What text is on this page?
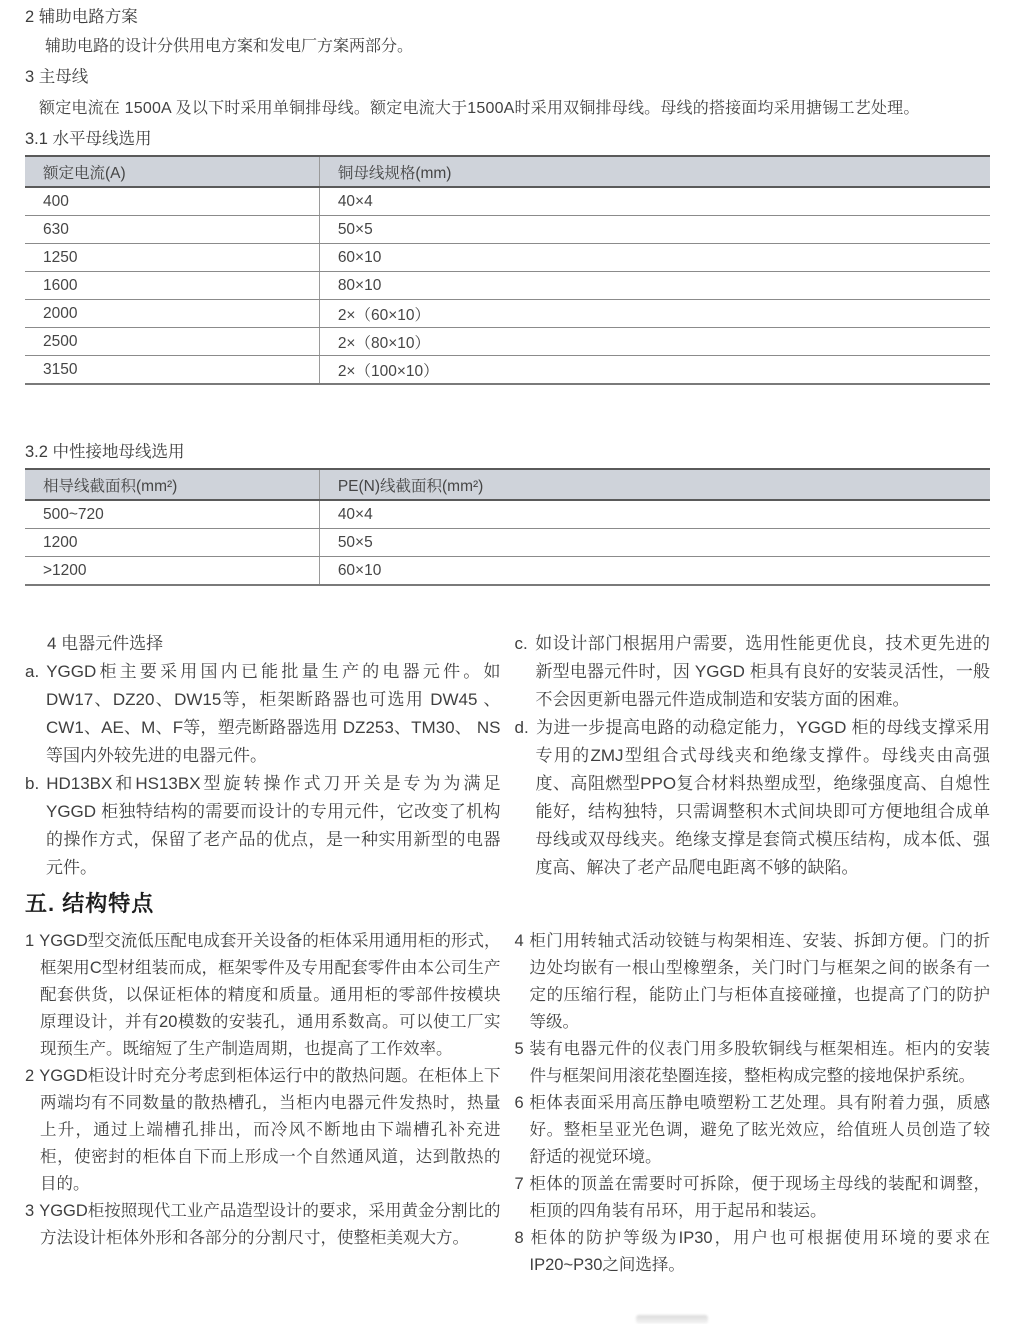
2 辅助电路方案
辅助电路的设计分供用电方案和发电厂方案两部分。
3 主母线
额定电流在 1500A 及以下时采用单铜排母线。额定电流大于1500A时采用双铜排母线。母线的搭接面均采用搪锡工艺处理。
3.1 水平母线选用
额定电流(A)	铜母线规格(mm)
400	40×4
630	50×5
1250	60×10
1600	80×10
2000	2×（60×10）
2500	2×（80×10）
3150	2×（100×10）
3.2 中性接地母线选用
相导线截面积(mm²)	PE(N)线截面积(mm²)
500~720	40×4
1200	50×5
>1200	60×10
4 电器元件选择
a. YGGD柜主要采用国内已能批量生产的电器元件。如 DW17、DZ20、DW15等，柜架断路器也可选用 DW45 、CW1、AE、M、F等，塑壳断路器选用 DZ253、TM30、 NS 等国内外较先进的电器元件。
b. HD13BX和HS13BX型旋转操作式刀开关是专为为满足 YGGD 柜独特结构的需要而设计的专用元件，它改变了机构的操作方式，保留了老产品的优点，是一种实用新型的电器元件。
c. 如设计部门根据用户需要，选用性能更优良，技术更先进的新型电器元件时，因 YGGD 柜具有良好的安装灵活性，一般不会因更新电器元件造成制造和安装方面的困难。
d. 为进一步提高电路的动稳定能力，YGGD 柜的母线支撑采用专用的ZMJ型组合式母线夹和绝缘支撑件。母线夹由高强度、高阻燃型PPO复合材料热塑成型，绝缘强度高、自熄性能好，结构独特，只需调整积木式间块即可方便地组合成单母线或双母线夹。绝缘支撑是套筒式模压结构，成本低、强度高、解决了老产品爬电距离不够的缺陷。
五. 结构特点
1 YGGD型交流低压配电成套开关设备的柜体采用通用柜的形式，框架用C型材组装而成，框架零件及专用配套零件由本公司生产配套供货，以保证柜体的精度和质量。通用柜的零部件按模块原理设计，并有20模数的安装孔，通用系数高。可以使工厂实现预生产。既缩短了生产制造周期，也提高了工作效率。
2 YGGD柜设计时充分考虑到柜体运行中的散热问题。在柜体上下两端均有不同数量的散热槽孔，当柜内电器元件发热时，热量上升，通过上端槽孔排出，而冷风不断地由下端槽孔补充进柜，使密封的柜体自下而上形成一个自然通风道，达到散热的目的。
3 YGGD柜按照现代工业产品造型设计的要求，采用黄金分割比的方法设计柜体外形和各部分的分割尺寸，使整柜美观大方。
4 柜门用转轴式活动铰链与构架相连、安装、拆卸方便。门的折边处均嵌有一根山型橡塑条，关门时门与框架之间的嵌条有一定的压缩行程，能防止门与柜体直接碰撞，也提高了门的防护等级。
5 装有电器元件的仪表门用多股软铜线与框架相连。柜内的安装件与框架间用滚花垫圈连接，整柜构成完整的接地保护系统。
6 柜体表面采用高压静电喷塑粉工艺处理。具有附着力强，质感好。整柜呈亚光色调，避免了眩光效应，给值班人员创造了较舒适的视觉环境。
7 柜体的顶盖在需要时可拆除，便于现场主母线的装配和调整，柜顶的四角装有吊环，用于起吊和装运。
8 柜体的防护等级为IP30，用户也可根据使用环境的要求在IP20~P30之间选择。
